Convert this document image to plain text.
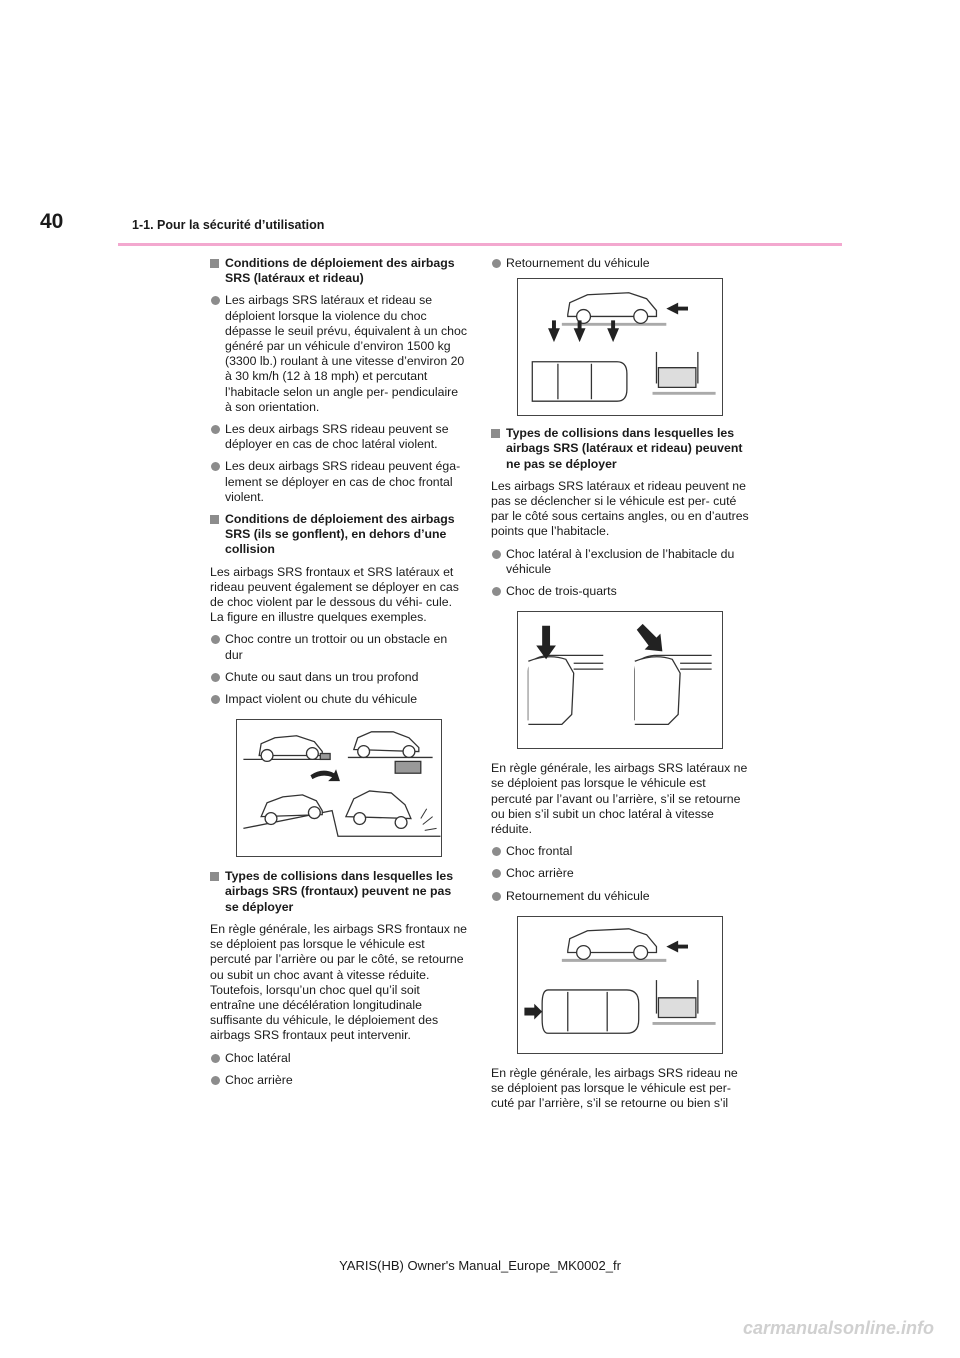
40	1-1. Pour la sécurité d’utilisation
Conditions de déploiement des airbags SRS (latéraux et rideau)
Les airbags SRS latéraux et rideau se déploient lorsque la violence du choc dépasse le seuil prévu, équivalent à un choc généré par un véhicule d’environ 1500 kg (3300 lb.) roulant à une vitesse d’environ 20 à 30 km/h (12 à 18 mph) et percutant l’habitacle selon un angle per- pendiculaire à son orientation.
Les deux airbags SRS rideau peuvent se déployer en cas de choc latéral violent.
Les deux airbags SRS rideau peuvent éga- lement se déployer en cas de choc frontal violent.
Conditions de déploiement des airbags SRS (ils se gonflent), en dehors d’une collision
Les airbags SRS frontaux et SRS latéraux et rideau peuvent également se déployer en cas de choc violent par le dessous du véhi- cule. La figure en illustre quelques exemples.
Choc contre un trottoir ou un obstacle en dur
Chute ou saut dans un trou profond
Impact violent ou chute du véhicule
Types de collisions dans lesquelles les airbags SRS (frontaux) peuvent ne pas se déployer
En règle générale, les airbags SRS frontaux ne se déploient pas lorsque le véhicule est percuté par l’arrière ou par le côté, se retourne ou subit un choc avant à vitesse réduite. Toutefois, lorsqu’un choc quel qu’il soit entraîne une décélération longitudinale suffisante du véhicule, le déploiement des airbags SRS frontaux peut intervenir.
Choc latéral
Choc arrière
Retournement du véhicule
Types de collisions dans lesquelles les airbags SRS (latéraux et rideau) peuvent ne pas se déployer
Les airbags SRS latéraux et rideau peuvent ne pas se déclencher si le véhicule est per- cuté par le côté sous certains angles, ou en d’autres points que l’habitacle.
Choc latéral à l’exclusion de l’habitacle du véhicule
Choc de trois-quarts
En règle générale, les airbags SRS latéraux ne se déploient pas lorsque le véhicule est percuté par l’avant ou l’arrière, s’il se retourne ou bien s’il subit un choc latéral à vitesse réduite.
Choc frontal
Choc arrière
Retournement du véhicule
En règle générale, les airbags SRS rideau ne se déploient pas lorsque le véhicule est per- cuté par l’arrière, s’il se retourne ou bien s’il
YARIS(HB) Owner's Manual_Europe_MK0002_fr
carmanualsonline.info
